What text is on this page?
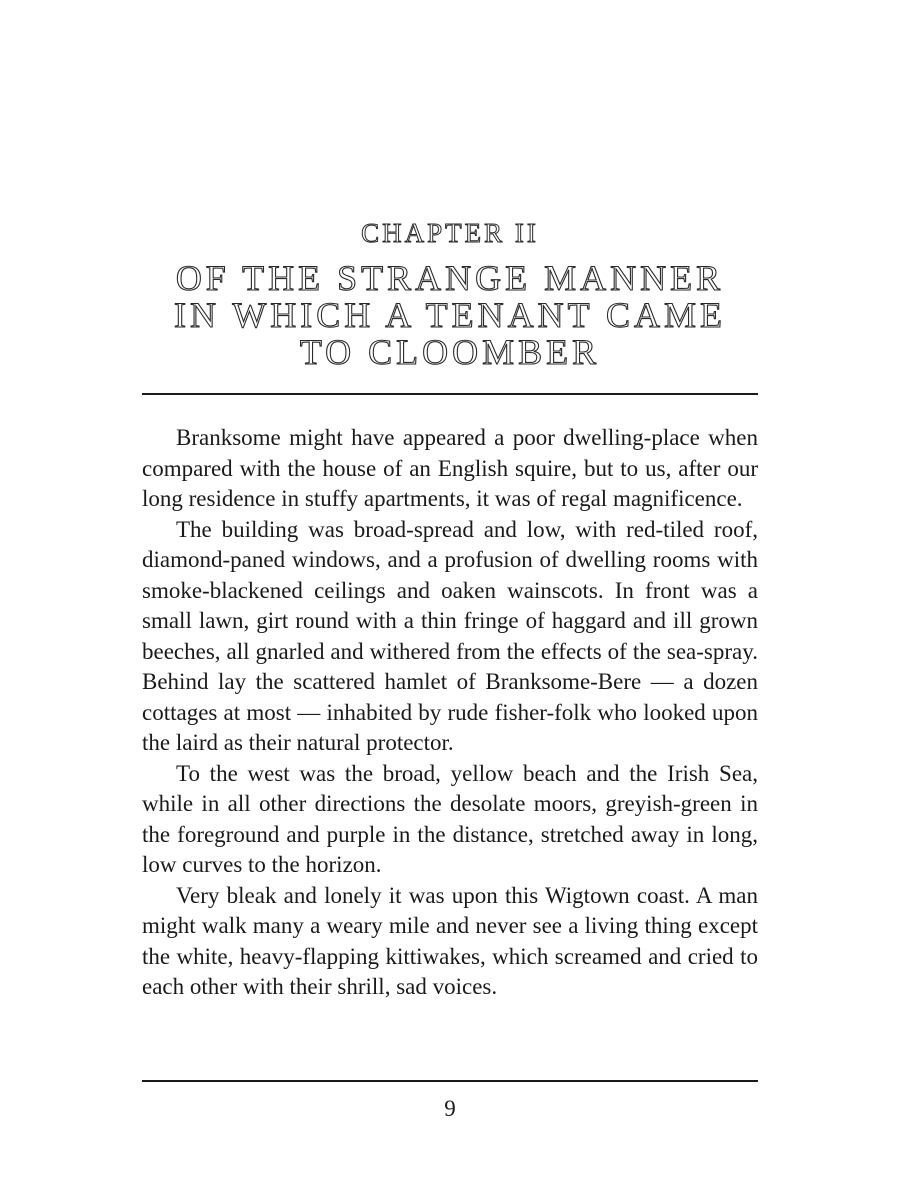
CHAPTER II
OF THE STRANGE MANNER
IN WHICH A TENANT CAME
TO CLOOMBER

Branksome might have appeared a poor dwelling-place when compared with the house of an English squire, but to us, after our long residence in stuffy apartments, it was of regal magnificence.

The building was broad-spread and low, with red-tiled roof, diamond-paned windows, and a profusion of dwelling rooms with smoke-blackened ceilings and oaken wainscots. In front was a small lawn, girt round with a thin fringe of haggard and ill grown beeches, all gnarled and withered from the effects of the sea-spray. Behind lay the scattered hamlet of Branksome-Bere — a dozen cottages at most — inhabited by rude fisher-folk who looked upon the laird as their natural protector.

To the west was the broad, yellow beach and the Irish Sea, while in all other directions the desolate moors, greyish-green in the foreground and purple in the distance, stretched away in long, low curves to the horizon.

Very bleak and lonely it was upon this Wigtown coast. A man might walk many a weary mile and never see a living thing except the white, heavy-flapping kittiwakes, which screamed and cried to each other with their shrill, sad voices.

9
